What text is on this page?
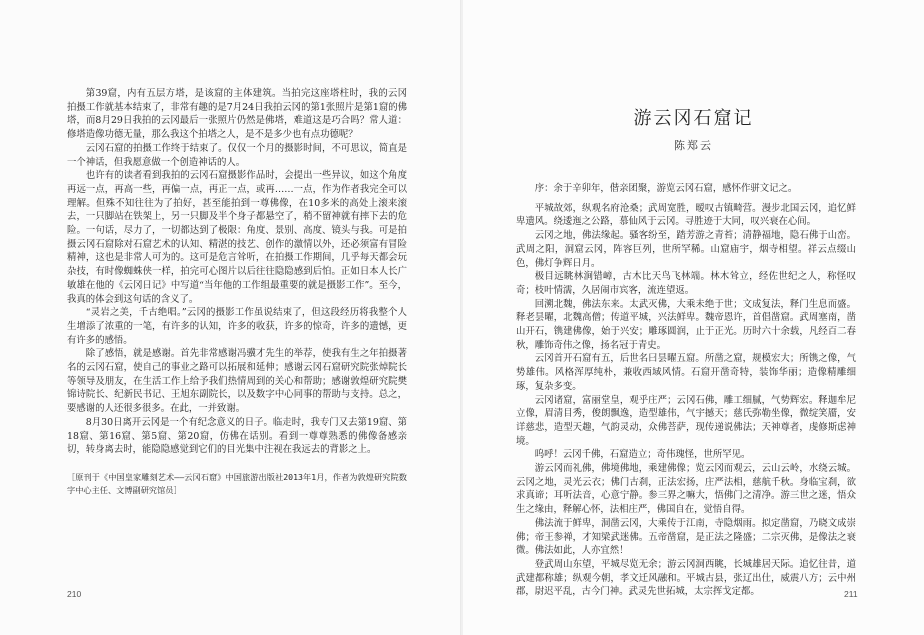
第39窟，内有五层方塔，是该窟的主体建筑。当拍完这座塔柱时，我的云冈拍摄工作就基本结束了，非常有趣的是7月24日我拍云冈的第1张照片是第1窟的佛塔，而8月29日我拍的云冈最后一张照片仍然是佛塔，难道这是巧合吗？常人道：修塔造像功德无量，那么我这个拍塔之人，是不是多少也有点功德呢？

云冈石窟的拍摄工作终于结束了。仅仅一个月的摄影时间，不可思议，简直是一个神话，但我愿意做一个创造神话的人。

也许有的读者看到我拍的云冈石窟摄影作品时，会提出一些异议，如这个角度再远一点，再高一些，再偏一点，再正一点，或再……一点，作为作者我完全可以理解。但殊不知往往为了拍好，甚至能拍到一尊佛像，在10多米的高处上滚来滚去，一只脚站在铁架上，另一只脚及半个身子都悬空了，稍不留神就有摔下去的危险。一句话，尽力了，一切都达到了极限：角度、景别、高度、镜头与我。可是拍摄云冈石窟除对石窟艺术的认知、精湛的技艺、创作的激情以外，还必须富有冒险精神，这也是非常人可为的。这可是危言耸听，在拍摄工作期间，几乎每天都会玩杂技，有时像蜘蛛侠一样，拍完可心图片以后往往隐隐感到后怕。正如日本人长广敏雄在他的《云冈日记》中写道“当年他的工作组最重要的就是摄影工作”。至今，我真的体会到这句话的含义了。

“灵岩之美，千古绝唱。”云冈的摄影工作虽说结束了，但这段经历将我整个人生增添了浓重的一笔，有许多的认知，许多的收获，许多的惊奇，许多的遗憾，更有许多的感悟。

除了感悟，就是感谢。首先非常感谢冯骥才先生的举荐，使我有生之年拍摄著名的云冈石窟，使自己的事业之路可以拓展和延伸；感谢云冈石窟研究院张焯院长等领导及朋友，在生活工作上给予我们热情周到的关心和帮助；感谢敦煌研究院樊锦诗院长、纪新民书记、王旭东副院长，以及数字中心同事的帮助与支持。总之，要感谢的人还很多很多。在此，一并致谢。

8月30日离开云冈是一个有纪念意义的日子。临走时，我专门又去第19窟、第18窟、第16窟、第5窟、第20窟，仿佛在话别。看到一尊尊熟悉的佛像备感亲切，转身离去时，能隐隐感觉到它们的目光集中注视在我远去的背影之上。

［原刊于《中国皇家雕刻艺术——云冈石窟》中国旅游出版社2013年1月，作者为敦煌研究院数字中心主任、文博副研究馆员］

210
游云冈石窟记
陈郑云

序：余于辛卯年，偕亲团聚，游览云冈石窟，感怀作骈文记之。

平城故郊，纵观名府沧桑；武周宽胜，暧叹古镇畸营。漫步北国云冈，追忆鲜卑遗风。绕逶迤之公路，慕仙风于云冈。寻胜迹于大同，叹兴衰在心间。

云冈之地，佛法缘起。骚客纷至，踏芳游之青苔；清静福地，隐石佛于山峦。武周之阳，洞窟云冈，阵容巨列，世所罕稀。山窟庙宇，烟寺相望。祥云点缀山色，佛灯争辉日月。

极目远眺林涧错嶂，古木比天鸟飞林端。林木耸立，经佐世纪之人，称怪叹奇；枝叶情濡，久居闹市宾客，流连望返。

回溯北魏，佛法东来。太武灭佛，大乘未绝于世；文成复法，释门生息而盛。释老昙曜，北魏高僧；传道平城，兴法鲜卑。魏帝恩许，首倡凿窟。武周塞南，凿山开石，镌建佛像，始于兴安；雕琢圆润，止于正光。历时六十余载，凡经百二春秋，雕饰奇伟之像，扬名冠于青史。

云冈首开石窟有五，后世名曰昙曜五窟。所凿之窟，规模宏大；所镌之像，气势雄伟。风格浑厚纯朴，兼收西域风情。石窟开凿奇特，装饰华丽；造像精雕细琢，复杂多变。

云冈诸窟，富丽堂皇，观乎庄严；云冈石佛，雕工细腻，气势辉宏。释迦牟尼立像，眉清目秀，俊朗飘逸，造型雄伟，气宇撼天；慈氏弥勒坐像，微绽笑靥，安详慈悲，造型天趣，气韵灵动，众佛菩萨，现传递说佛法；天神尊者，虔修斯虑神境。

呜呼！云冈千佛，石窟造立；奇伟瑰怪，世所罕见。

游云冈而礼佛，佛境佛地，乘建佛像；览云冈而观云，云山云岭，水绕云城。云冈之地，灵光云衣；佛门古刹，正法宏扬，庄严法相，慈航千秋。身临宝刹，欲求真谛；耳听法音，心意宁静。参三界之嘛大，悟佛门之清净。游三世之迷，悟众生之缘由，释解心怀，法相庄严，佛国自在，觉悟自得。

佛法流于鲜卑，洞凿云冈，大乘传于江南，寺隐烟雨。拟定凿窟，乃晓文成崇佛；帝王参禅，才知梁武迷佛。五帝凿窟，是正法之隆盛；二宗灭佛，是像法之衰微。佛法如此，人亦宜然！

登武周山东望，平城尽览无余；游云冈洞西眺，长城雄居天际。追忆往昔，道武建都称雄；纵观今朝，孝文迁风融和。平城古县，张辽出仕，威震八方；云中州郡，尉迟平乱，古今门神。武灵先世拓城，太宗挥戈定都。	211
